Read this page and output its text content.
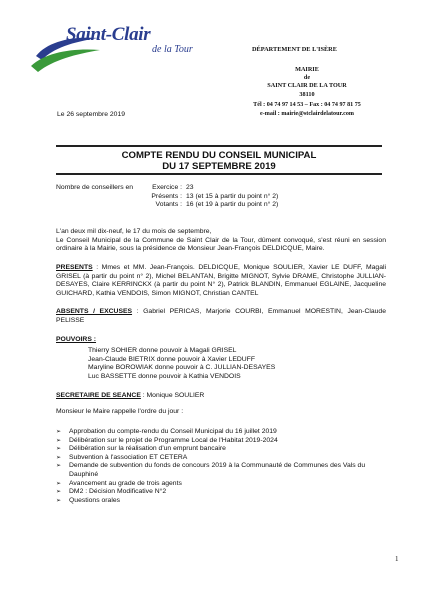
Saint-Clair
de la Tour	DÉPARTEMENT DE L'ISÈRE
MAIRIE
de
SAINT CLAIR DE LA TOUR
38110
Tél : 04 74 97 14 53 – Fax : 04 74 97 81 75
e-mail : mairie@stclairdelatour.com
Le 26 septembre 2019
COMPTE RENDU DU CONSEIL MUNICIPAL
DU 17 SEPTEMBRE 2019
Nombre de conseillers en	Exercice :
Présents :
Votants :
23
13 (et 15 à partir du point n° 2)
16 (et 19 à partir du point n° 2)
L'an deux mil dix-neuf, le 17 du mois de septembre,
Le Conseil Municipal de la Commune de Saint Clair de la Tour, dûment convoqué, s'est réuni en session ordinaire à la Mairie, sous la présidence de Monsieur Jean-François DELDICQUE, Maire.
PRESENTS : Mmes et MM. Jean-François. DELDICQUE, Monique SOULIER, Xavier LE DUFF, Magali GRISEL (à partir du point n° 2), Michel BELANTAN, Brigitte MIGNOT, Sylvie DRAME, Christophe JULLIAN-DESAYES, Claire KERRINCKX (à partir du point N° 2), Patrick BLANDIN, Emmanuel EGLAINE, Jacqueline GUICHARD, Kathia VENDOIS, Simon MIGNOT, Christian CANTEL
ABSENTS / EXCUSES : Gabriel PERICAS, Marjorie COURBI, Emmanuel MORESTIN, Jean-Claude PELISSE
POUVOIRS :
Thierry SOHIER donne pouvoir à Magali GRISEL
Jean-Claude BIETRIX donne pouvoir à Xavier LEDUFF
Maryline BOROWIAK donne pouvoir à C. JULLIAN-DESAYES
Luc BASSETTE donne pouvoir à Kathia VENDOIS
SECRETAIRE DE SEANCE : Monique SOULIER
Monsieur le Maire rappelle l'ordre du jour :
➢ Approbation du compte-rendu du Conseil Municipal du 16 juillet 2019
➢ Délibération sur le projet de Programme Local de l'Habitat 2019-2024
➢ Délibération sur la réalisation d'un emprunt bancaire
➢ Subvention à l'association ET CETERA
➢ Demande de subvention du fonds de concours 2019 à la Communauté de Communes des Vals du Dauphiné
➢ Avancement au grade de trois agents
➢ DM2 : Décision Modificative N°2
➢ Questions orales
1
